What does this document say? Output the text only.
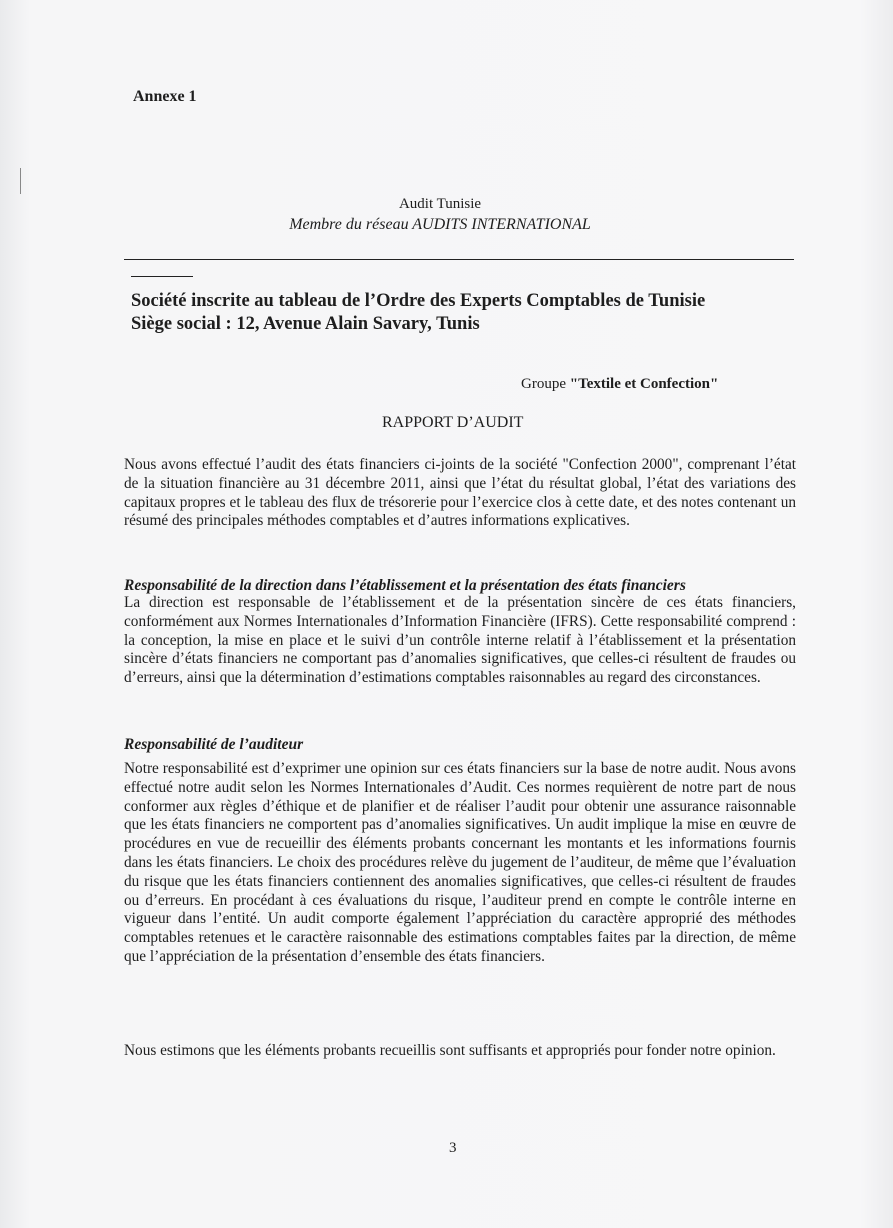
Annexe 1
Audit Tunisie
Membre du réseau AUDITS INTERNATIONAL
Société inscrite au tableau de l’Ordre des Experts Comptables de Tunisie
Siège social : 12, Avenue Alain Savary, Tunis
Groupe "Textile et Confection"
RAPPORT D’AUDIT

Nous avons effectué l’audit des états financiers ci-joints de la société "Confection 2000", comprenant l’état de la situation financière au 31 décembre 2011, ainsi que l’état du résultat global, l’état des variations des capitaux propres et le tableau des flux de trésorerie pour l’exercice clos à cette date, et des notes contenant un résumé des principales méthodes comptables et d’autres informations explicatives.

Responsabilité de la direction dans l’établissement et la présentation des états financiers

La direction est responsable de l’établissement et de la présentation sincère de ces états financiers, conformément aux Normes Internationales d’Information Financière (IFRS). Cette responsabilité comprend : la conception, la mise en place et le suivi d’un contrôle interne relatif à l’établissement et la présentation sincère d’états financiers ne comportant pas d’anomalies significatives, que celles-ci résultent de fraudes ou d’erreurs, ainsi que la détermination d’estimations comptables raisonnables au regard des circonstances.

Responsabilité de l’auditeur

Notre responsabilité est d’exprimer une opinion sur ces états financiers sur la base de notre audit. Nous avons effectué notre audit selon les Normes Internationales d’Audit. Ces normes requièrent de notre part de nous conformer aux règles d’éthique et de planifier et de réaliser l’audit pour obtenir une assurance raisonnable que les états financiers ne comportent pas d’anomalies significatives. Un audit implique la mise en œuvre de procédures en vue de recueillir des éléments probants concernant les montants et les informations fournis dans les états financiers. Le choix des procédures relève du jugement de l’auditeur, de même que l’évaluation du risque que les états financiers contiennent des anomalies significatives, que celles-ci résultent de fraudes ou d’erreurs. En procédant à ces évaluations du risque, l’auditeur prend en compte le contrôle interne en vigueur dans l’entité. Un audit comporte également l’appréciation du caractère approprié des méthodes comptables retenues et le caractère raisonnable des estimations comptables faites par la direction, de même que l’appréciation de la présentation d’ensemble des états financiers.

Nous estimons que les éléments probants recueillis sont suffisants et appropriés pour fonder notre opinion.

3
